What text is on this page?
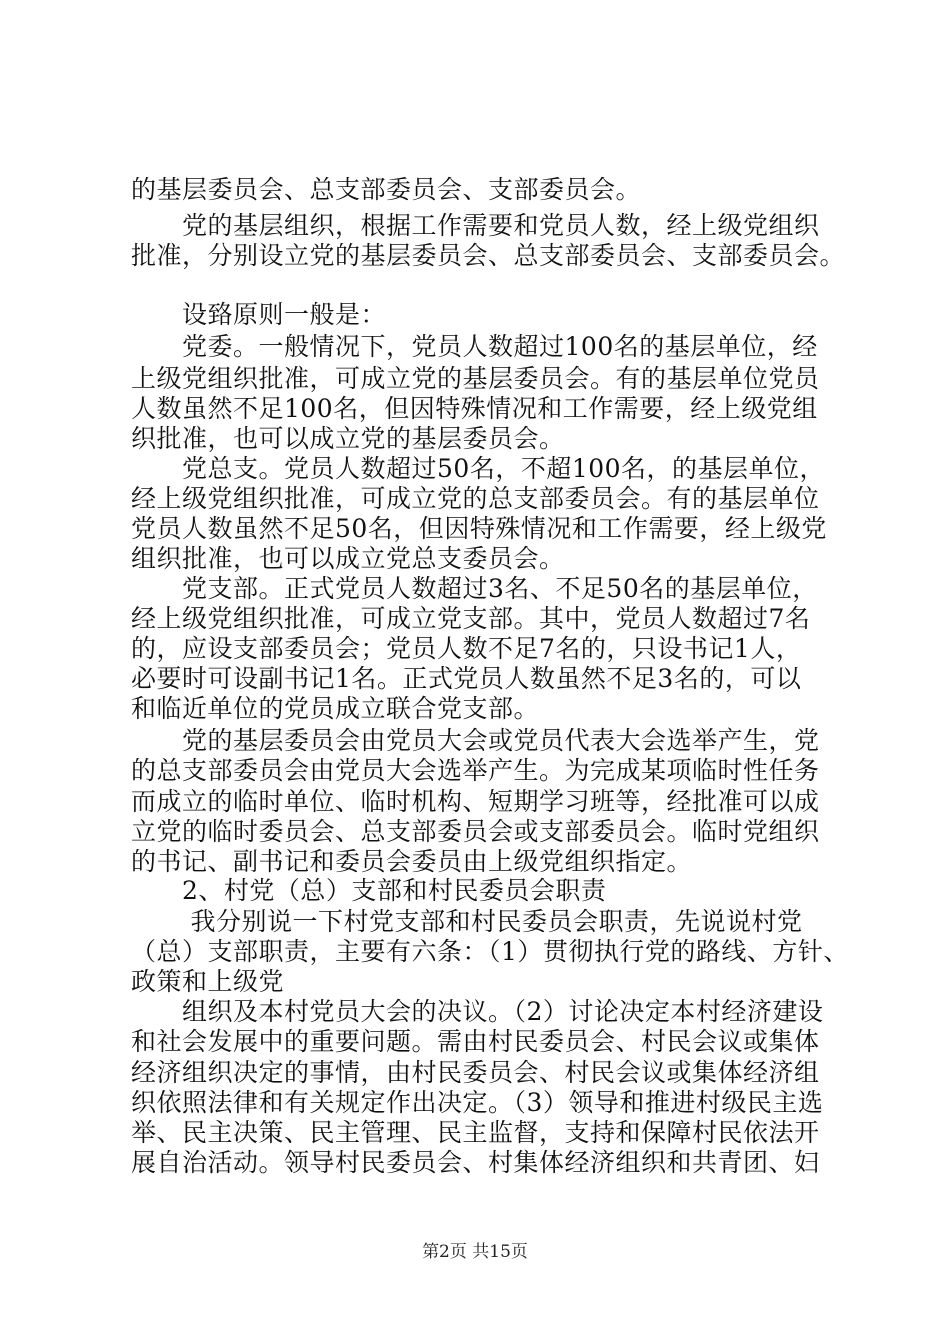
的基层委员会、总支部委员会、支部委员会。
　　党的基层组织，根据工作需要和党员人数，经上级党组织
批准，分别设立党的基层委员会、总支部委员会、支部委员会。
　　设臵原则一般是：
　　党委。一般情况下，党员人数超过100名的基层单位，经
上级党组织批准，可成立党的基层委员会。有的基层单位党员
人数虽然不足100名，但因特殊情况和工作需要，经上级党组
织批准，也可以成立党的基层委员会。
　　党总支。党员人数超过50名，不超100名，的基层单位，
经上级党组织批准，可成立党的总支部委员会。有的基层单位
党员人数虽然不足50名，但因特殊情况和工作需要，经上级党
组织批准，也可以成立党总支委员会。
　　党支部。正式党员人数超过3名、不足50名的基层单位，
经上级党组织批准，可成立党支部。其中，党员人数超过7名
的，应设支部委员会；党员人数不足7名的，只设书记1人，
必要时可设副书记1名。正式党员人数虽然不足3名的，可以
和临近单位的党员成立联合党支部。
　　党的基层委员会由党员大会或党员代表大会选举产生，党
的总支部委员会由党员大会选举产生。为完成某项临时性任务
而成立的临时单位、临时机构、短期学习班等，经批准可以成
立党的临时委员会、总支部委员会或支部委员会。临时党组织
的书记、副书记和委员会委员由上级党组织指定。
　　2、村党（总）支部和村民委员会职责
　　 我分别说一下村党支部和村民委员会职责，先说说村党
（总）支部职责，主要有六条：（1）贯彻执行党的路线、方针、
政策和上级党
　　组织及本村党员大会的决议。（2）讨论决定本村经济建设
和社会发展中的重要问题。需由村民委员会、村民会议或集体
经济组织决定的事情，由村民委员会、村民会议或集体经济组
织依照法律和有关规定作出决定。（3）领导和推进村级民主选
举、民主决策、民主管理、民主监督，支持和保障村民依法开
展自治活动。领导村民委员会、村集体经济组织和共青团、妇
第2页 共15页
